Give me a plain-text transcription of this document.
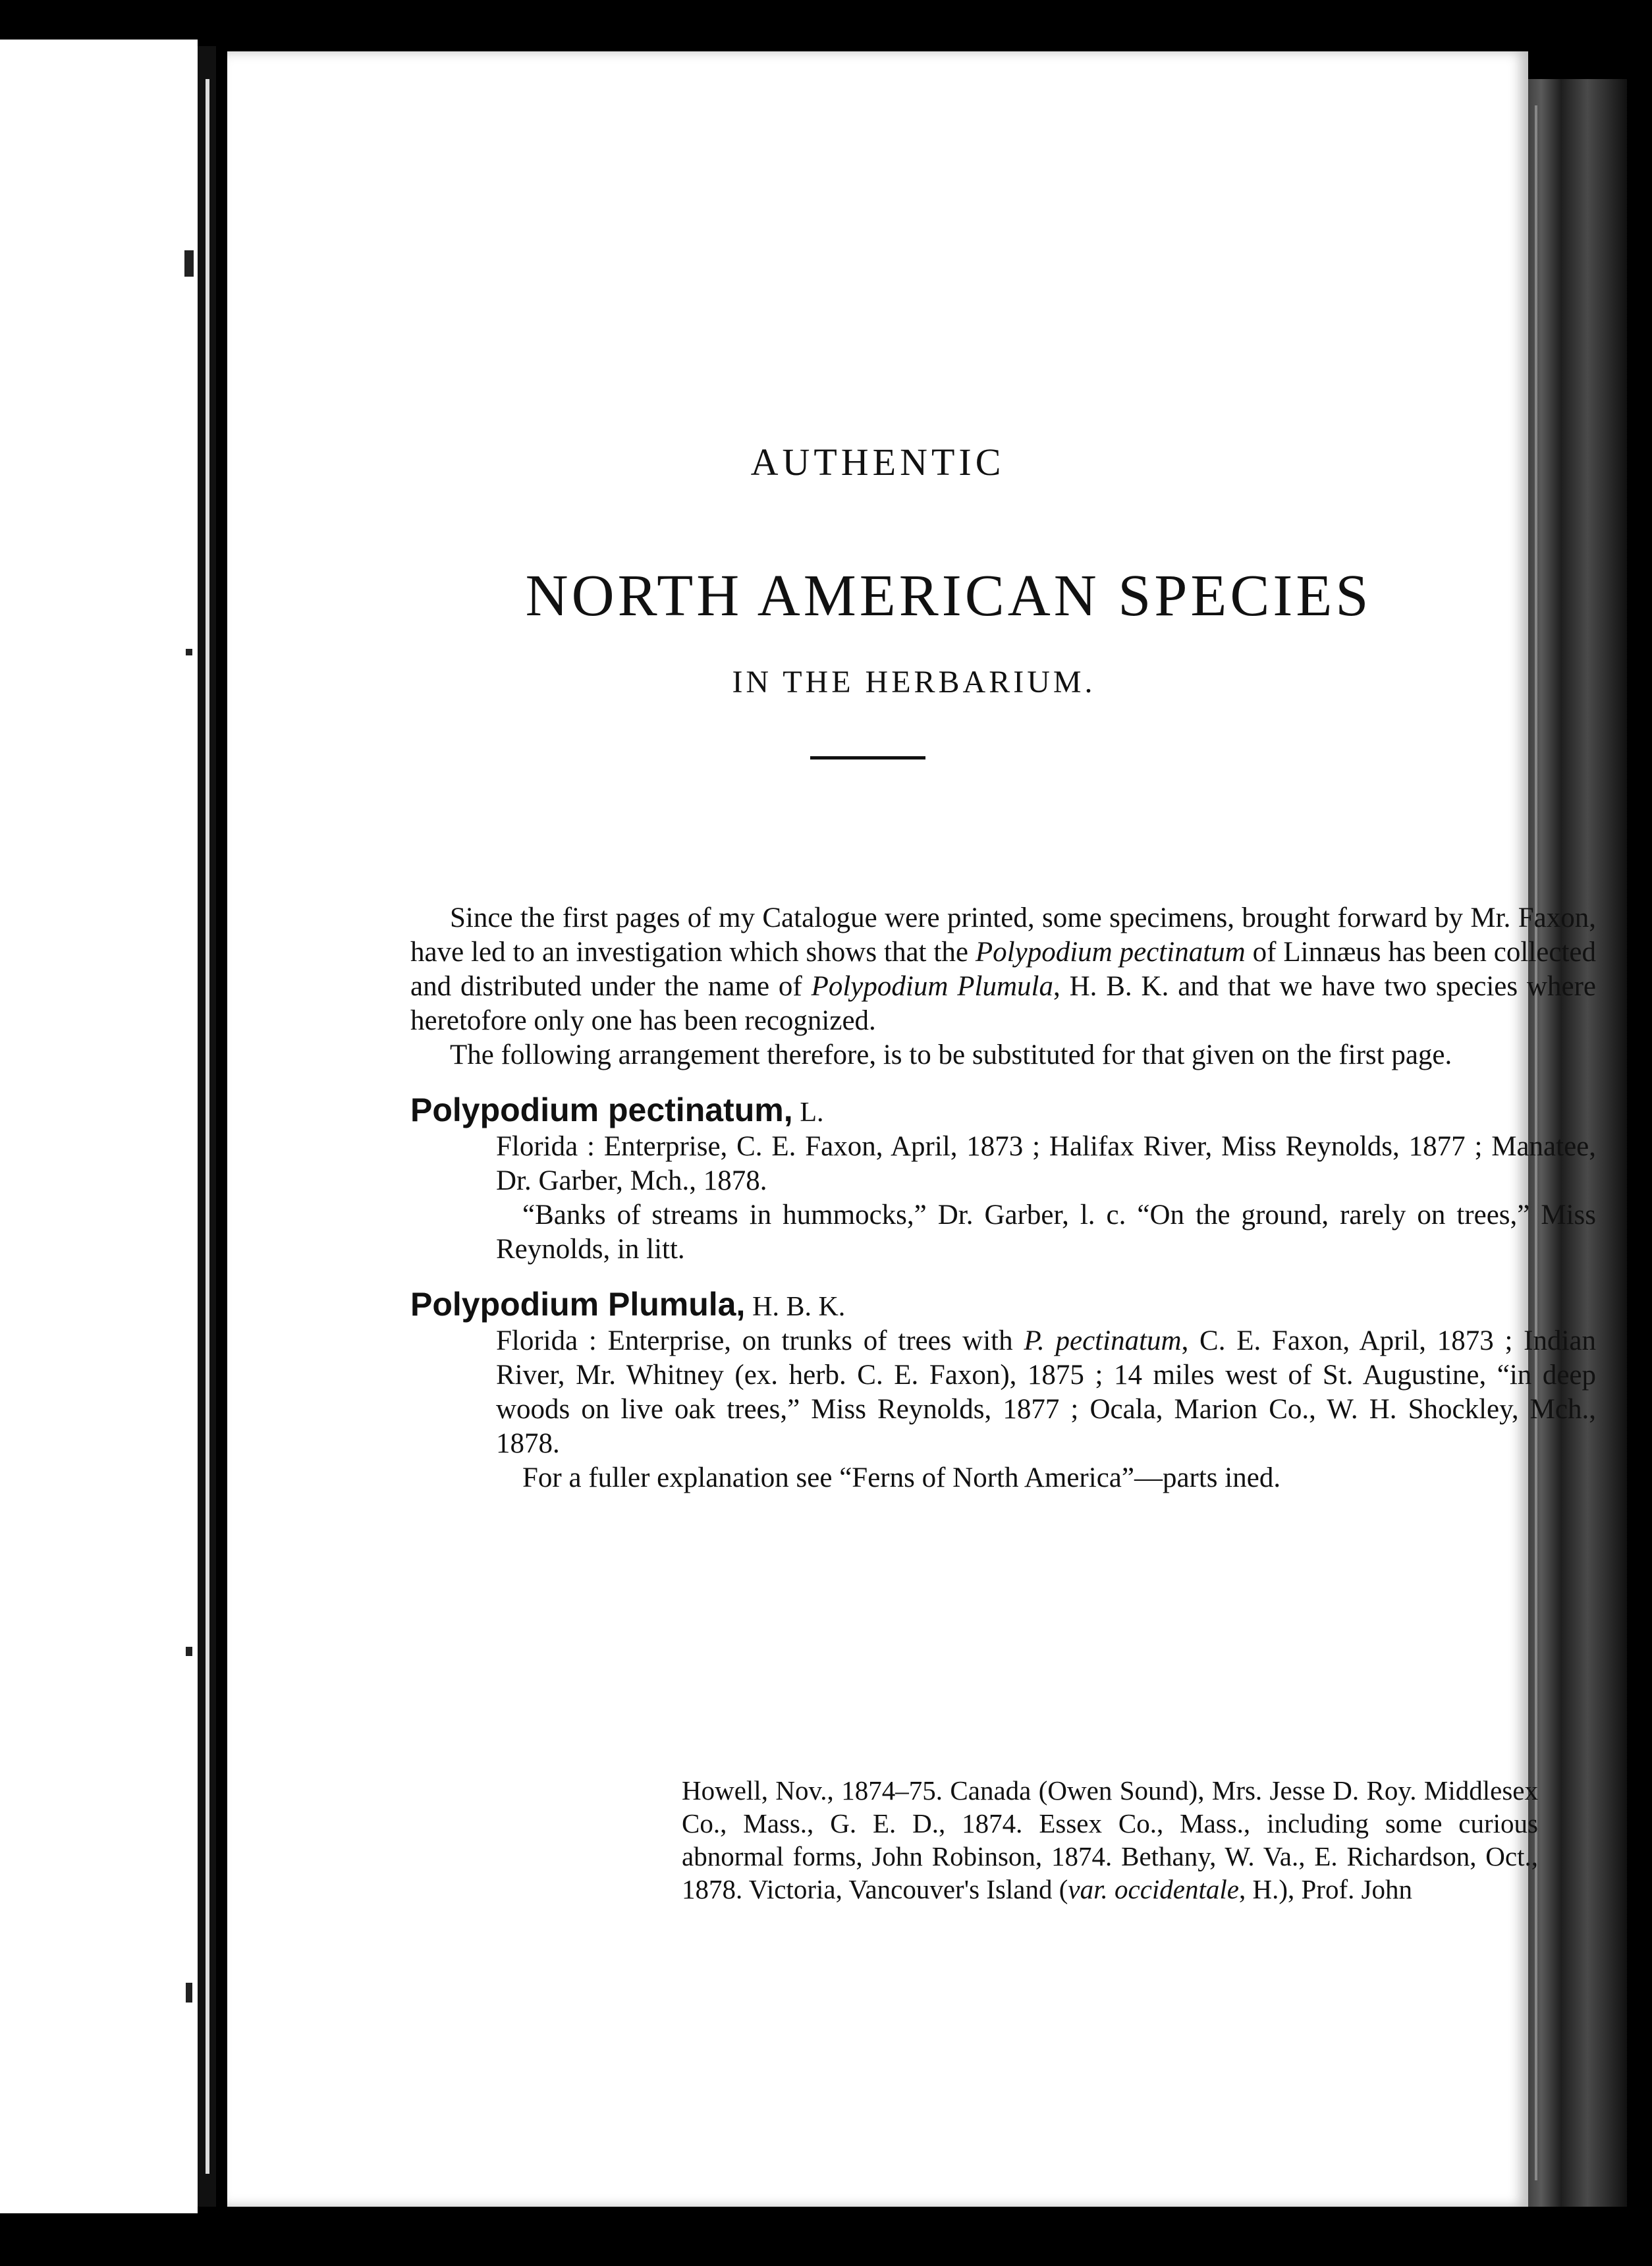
AUTHENTIC
NORTH AMERICAN SPECIES
IN THE HERBARIUM.

Since the first pages of my Catalogue were printed, some specimens, brought forward by Mr. Faxon, have led to an investigation which shows that the Polypodium pectinatum of Linnæus has been collected and distributed under the name of Polypodium Plumula, H. B. K. and that we have two species where heretofore only one has been recognized.

The following arrangement therefore, is to be substituted for that given on the first page.

Polypodium pectinatum, L.

Florida : Enterprise, C. E. Faxon, April, 1873 ; Halifax River, Miss Reynolds, 1877 ; Manatee, Dr. Garber, Mch., 1878.

“Banks of streams in hummocks,” Dr. Garber, l. c. “On the ground, rarely on trees,” Miss Reynolds, in litt.

Polypodium Plumula, H. B. K.

Florida : Enterprise, on trunks of trees with P. pectinatum, C. E. Faxon, April, 1873 ; Indian River, Mr. Whitney (ex. herb. C. E. Faxon), 1875 ; 14 miles west of St. Augustine, “in deep woods on live oak trees,” Miss Reynolds, 1877 ; Ocala, Marion Co., W. H. Shockley, Mch., 1878.

For a fuller explanation see “Ferns of North America”—parts ined.

Howell, Nov., 1874–75. Canada (Owen Sound), Mrs. Jesse D. Roy. Middlesex Co., Mass., G. E. D., 1874. Essex Co., Mass., including some curious abnormal forms, John Robinson, 1874. Bethany, W. Va., E. Richardson, Oct., 1878. Victoria, Vancouver's Island (var. occidentale, H.), Prof. John
